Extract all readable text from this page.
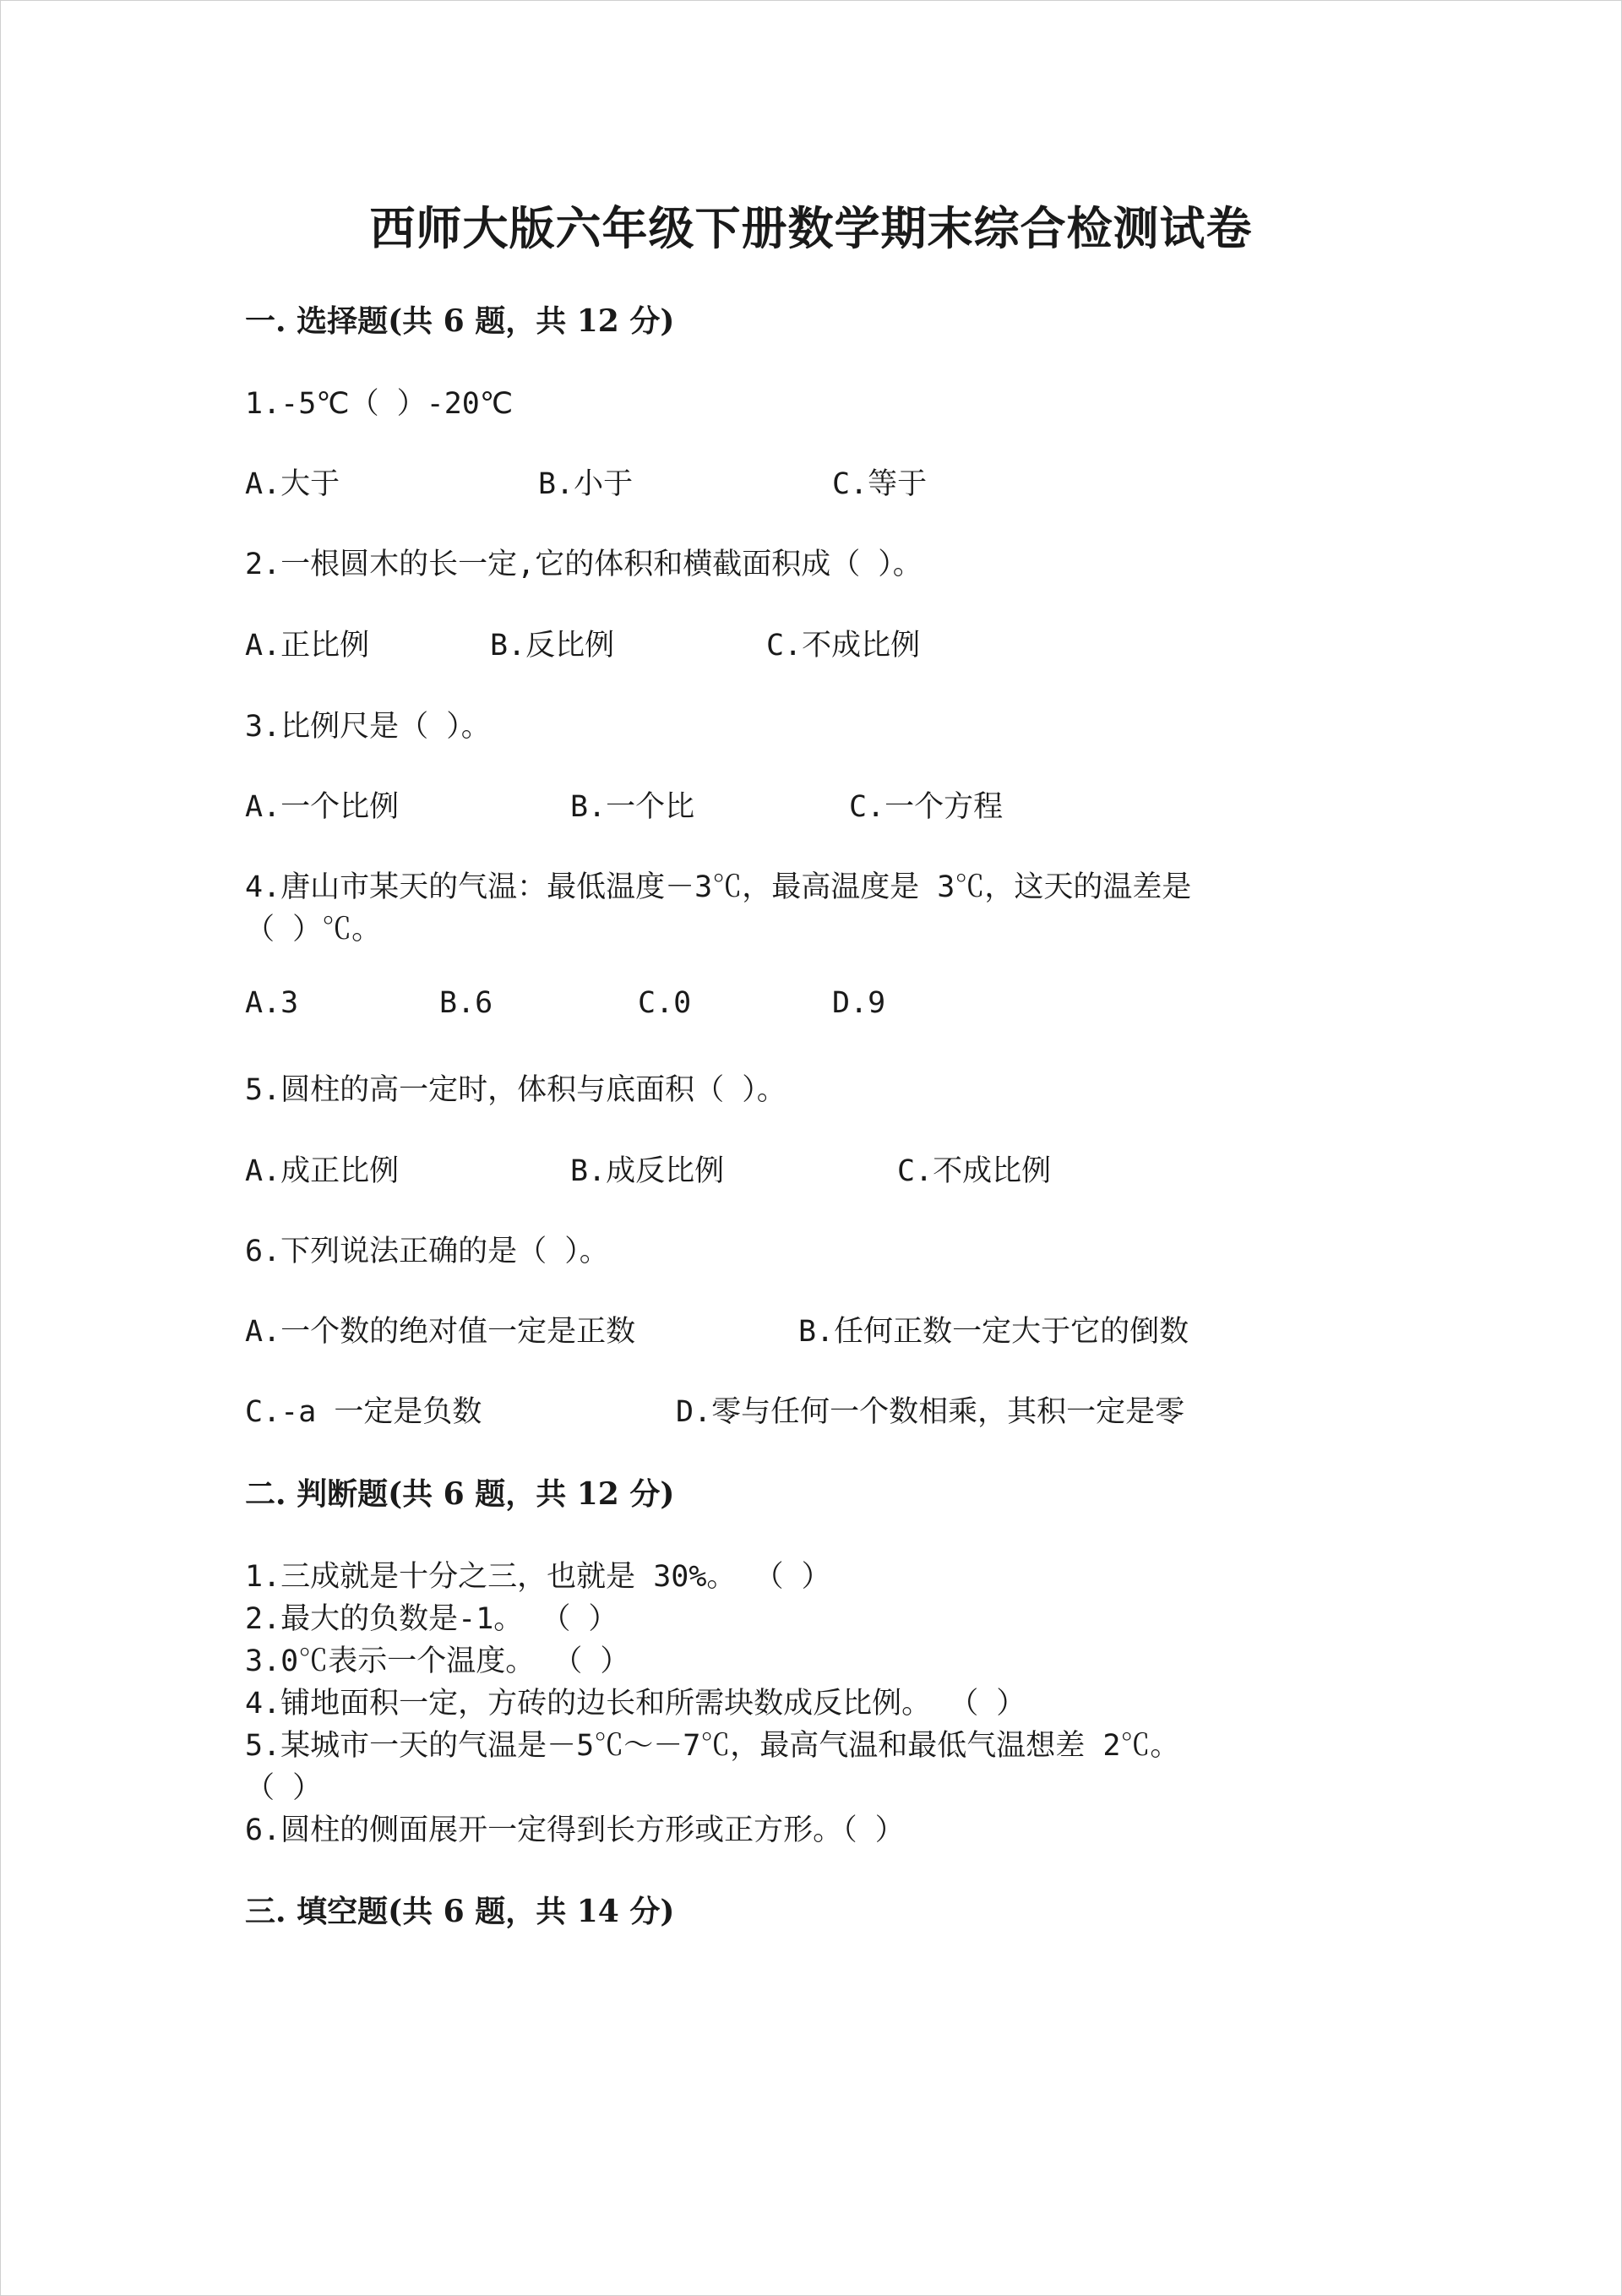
西师大版六年级下册数学期末综合检测试卷
一. 选择题(共 6 题，共 12 分)
1.-5℃（ ）-20℃
A.大于	B.小于	C.等于
2.一根圆木的长一定,它的体积和横截面积成（ ）。
A.正比例	B.反比例	C.不成比例
3.比例尺是（ ）。
A.一个比例	B.一个比	C.一个方程
4.唐山市某天的气温：最低温度－3℃，最高温度是 3℃，这天的温差是
（ ）℃。
A.3	B.6	C.0	D.9
5.圆柱的高一定时，体积与底面积（ ）。
A.成正比例	B.成反比例	C.不成比例
6.下列说法正确的是（ ）。
A.一个数的绝对值一定是正数	B.任何正数一定大于它的倒数
C.-a 一定是负数	D.零与任何一个数相乘，其积一定是零
二. 判断题(共 6 题，共 12 分)
1.三成就是十分之三，也就是 30%。 （ ）
2.最大的负数是-1。 （ ）
3.0℃表示一个温度。 （ ）
4.铺地面积一定，方砖的边长和所需块数成反比例。 （ ）
5.某城市一天的气温是－5℃～－7℃，最高气温和最低气温想差 2℃。
（ ）
6.圆柱的侧面展开一定得到长方形或正方形。（ ）
三. 填空题(共 6 题，共 14 分)
